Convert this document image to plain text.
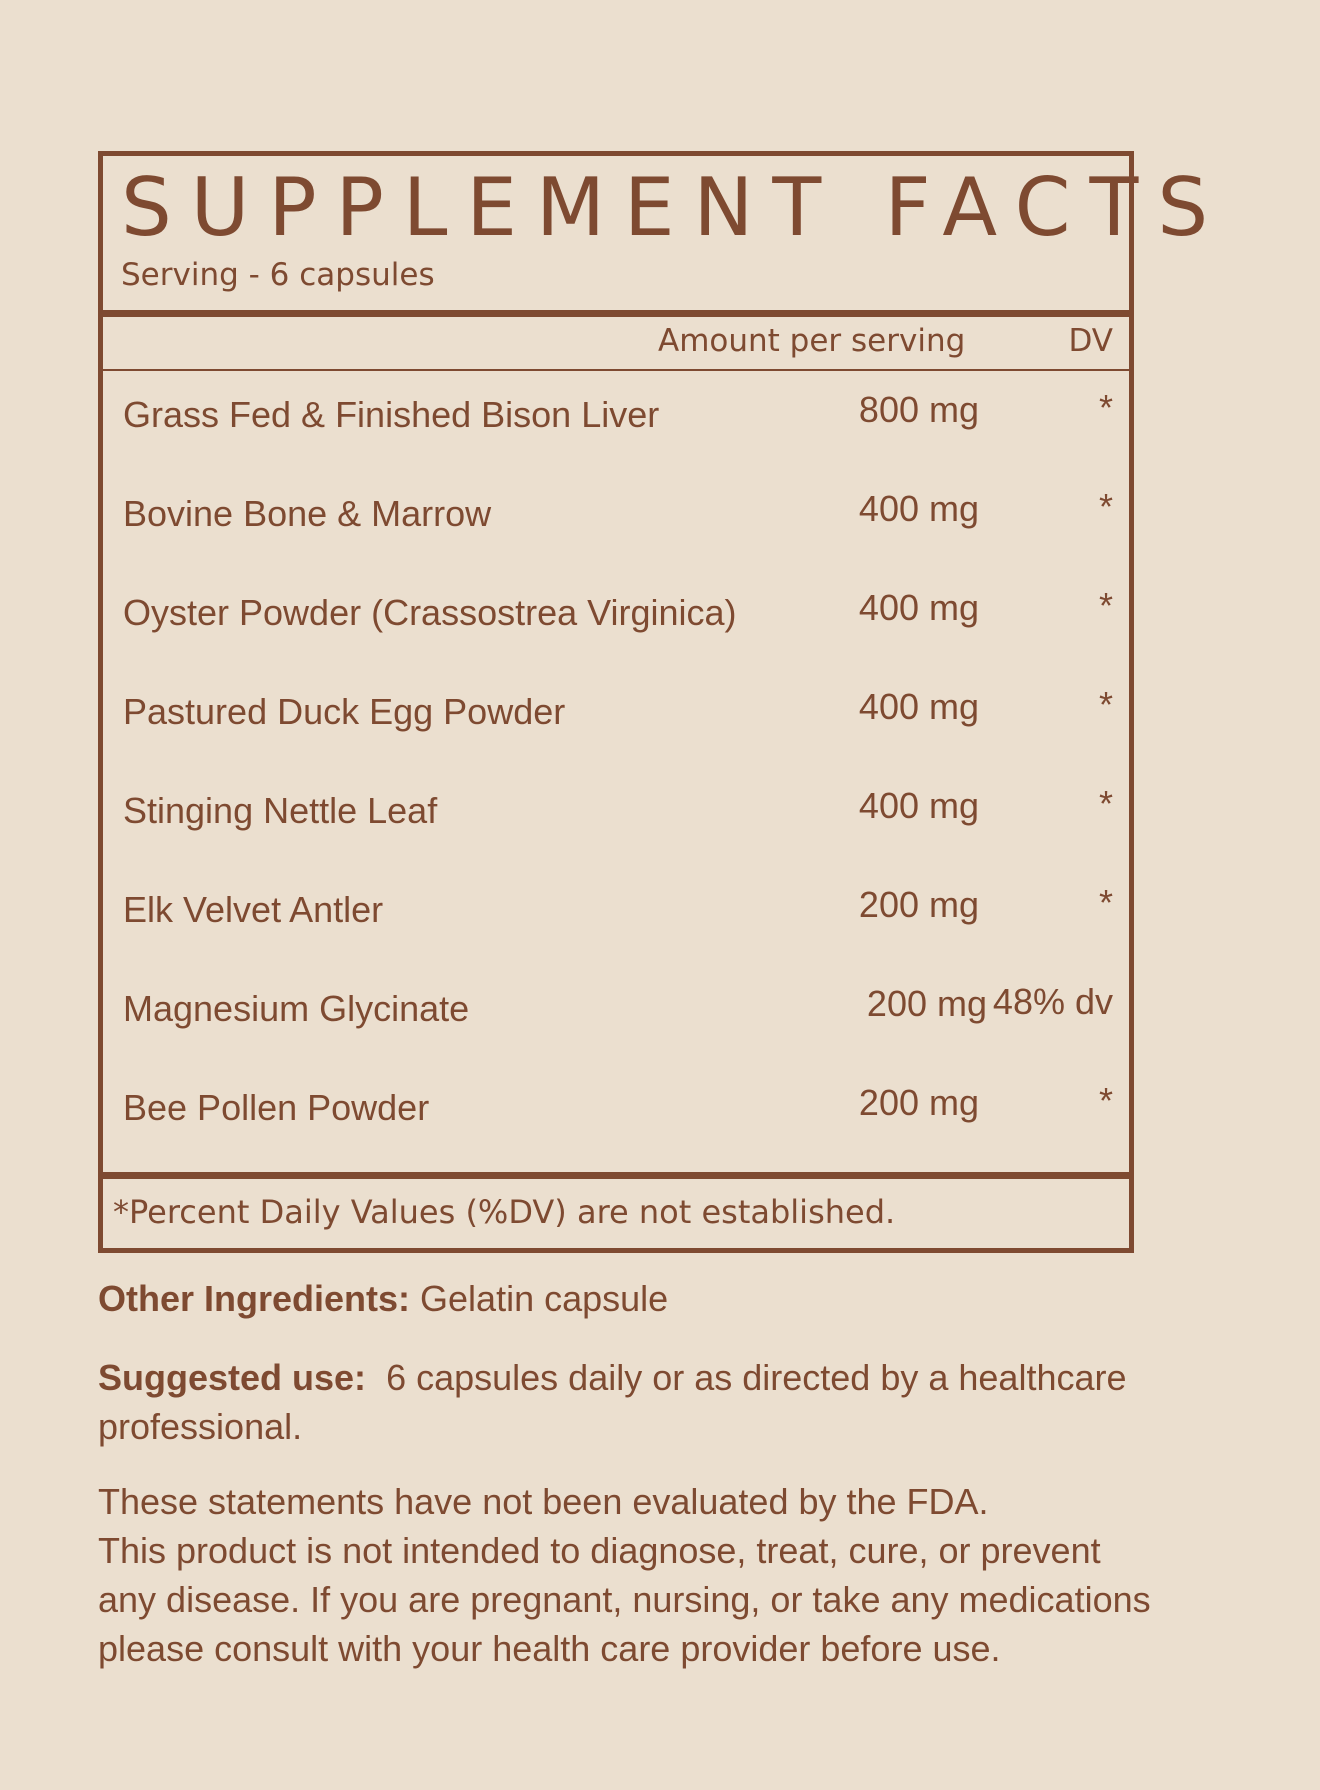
SUPPLEMENT FACTS
Serving - 6 capsules
Amount per serving	DV
Grass Fed & Finished Bison Liver	800 mg	*
Bovine Bone & Marrow	400 mg	*
Oyster Powder (Crassostrea Virginica)	400 mg	*
Pastured Duck Egg Powder	400 mg	*
Stinging Nettle Leaf	400 mg	*
Elk Velvet Antler	200 mg	*
Magnesium Glycinate	200 mg 48% dv
Bee Pollen Powder	200 mg	*
*Percent Daily Values (%DV) are not established.
Other Ingredients: Gelatin capsule
Suggested use:  6 capsules daily or as directed by a healthcare
professional.
These statements have not been evaluated by the FDA.
This product is not intended to diagnose, treat, cure, or prevent
any disease. If you are pregnant, nursing, or take any medications
please consult with your health care provider before use.
